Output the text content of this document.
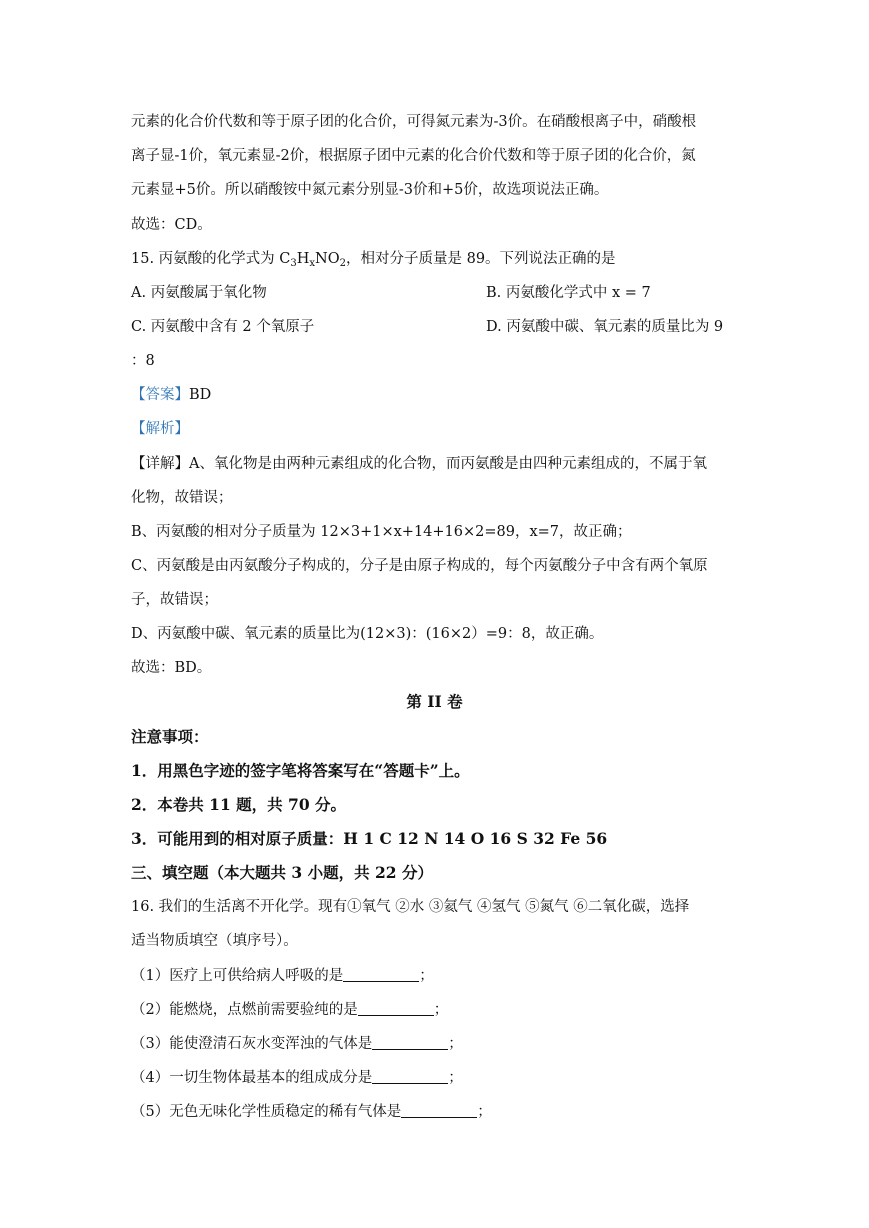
元素的化合价代数和等于原子团的化合价，可得氮元素为-3价。在硝酸根离子中，硝酸根
离子显-1价，氧元素显-2价，根据原子团中元素的化合价代数和等于原子团的化合价，氮
元素显+5价。所以硝酸铵中氮元素分别显-3价和+5价，故选项说法正确。
故选：CD。
15. 丙氨酸的化学式为 $C_3H_xNO_2$，相对分子质量是 89。下列说法正确的是
A. 丙氨酸属于氧化物	B. 丙氨酸化学式中 x = 7
C. 丙氨酸中含有 2 个氧原子	D. 丙氨酸中碳、氧元素的质量比为 9
：8
【答案】BD
【解析】
【详解】A、氧化物是由两种元素组成的化合物，而丙氨酸是由四种元素组成的，不属于氧
化物，故错误；
B、丙氨酸的相对分子质量为 12×3+1×x+14+16×2=89，x=7，故正确；
C、丙氨酸是由丙氨酸分子构成的，分子是由原子构成的，每个丙氨酸分子中含有两个氧原
子，故错误；
D、丙氨酸中碳、氧元素的质量比为(12×3)：(16×2）=9：8，故正确。
故选：BD。
第 II 卷
注意事项：
1．用黑色字迹的签字笔将答案写在“答题卡”上。
2．本卷共 11 题，共 70 分。
3．可能用到的相对原子质量：H 1 C 12 N 14 O 16 S 32 Fe 56
三、填空题（本大题共 3 小题，共 22 分）
16. 我们的生活离不开化学。现有①氧气 ②水 ③氦气 ④氢气 ⑤氮气 ⑥二氧化碳，选择
适当物质填空（填序号）。
（1）医疗上可供给病人呼吸的是	；
（2）能燃烧，点燃前需要验纯的是	；
（3）能使澄清石灰水变浑浊的气体是	；
（4）一切生物体最基本的组成成分是	；
（5）无色无味化学性质稳定的稀有气体是	；
